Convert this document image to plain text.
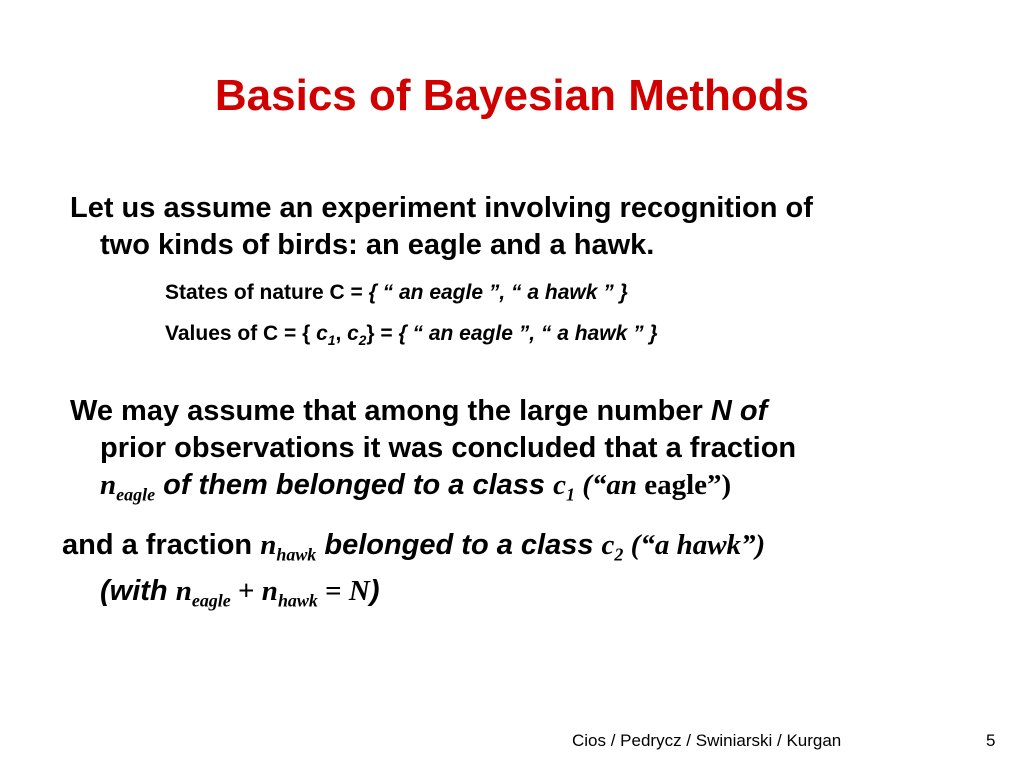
Basics of Bayesian Methods
Let us assume an experiment involving recognition of
two kinds of birds: an eagle and a hawk.
States of nature C = { “ an eagle ”, “ a hawk ” }
Values of C = { $c_1$, $c_2$} = { “ an eagle ”, “ a hawk ” }
We may assume that among the large number N of
prior observations it was concluded that a fraction
$n_{eagle}$ of them belonged to a class $c_1$ (“an eagle”)
and a fraction $n_{hawk}$ belonged to a class $c_2$ (“a hawk”)
(with $n_{eagle} + n_{hawk} = N$)
Cios / Pedrycz / Swiniarski / Kurgan	5
